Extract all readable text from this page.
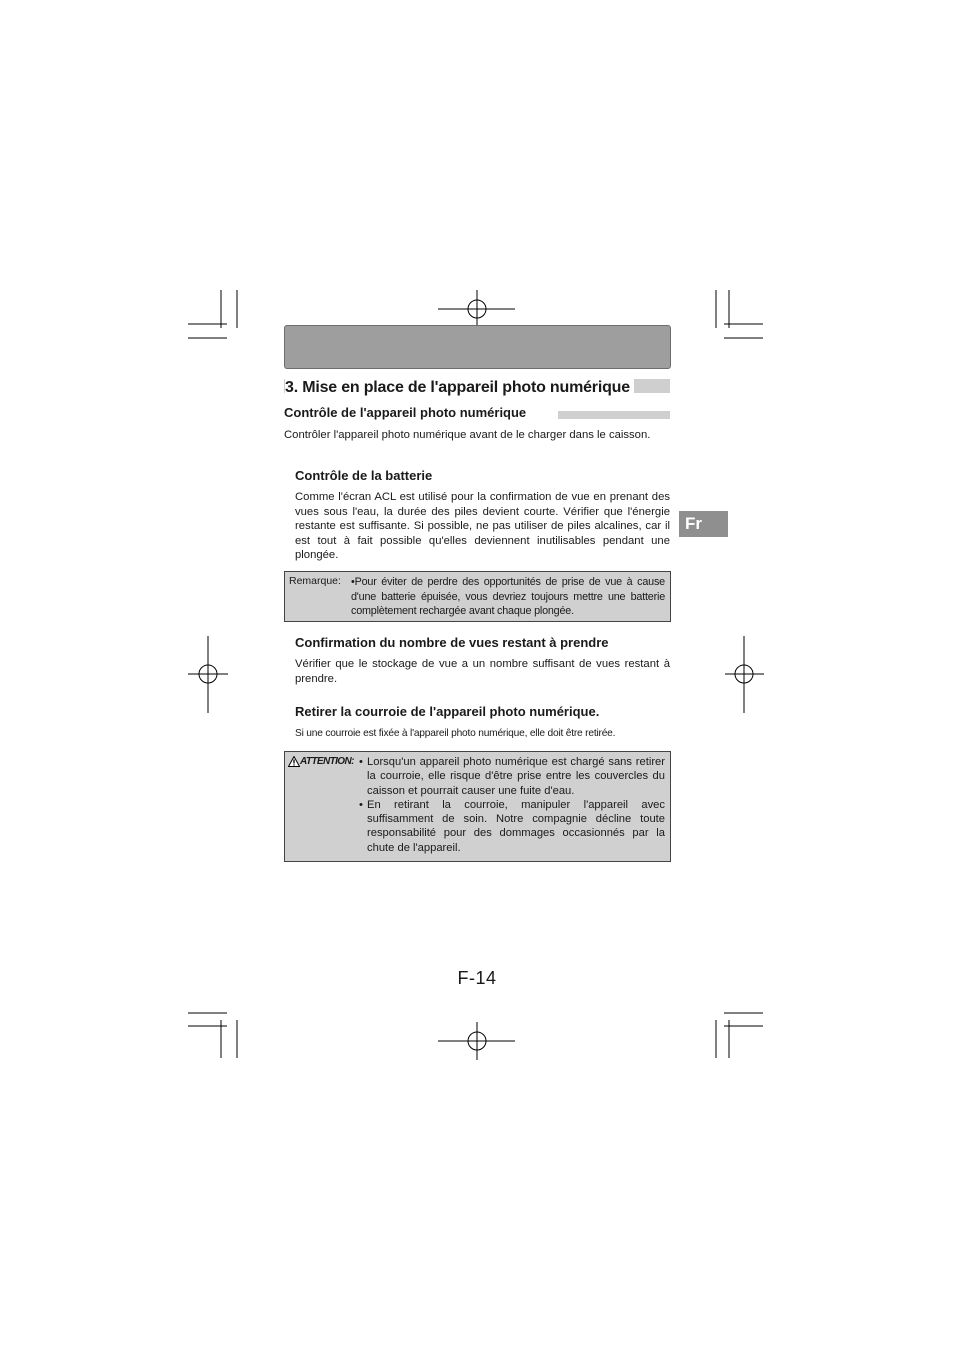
3. Mise en place de l'appareil photo numérique
Contrôle de l'appareil photo numérique

Contrôler l'appareil photo numérique avant de le charger dans le caisson.

Contrôle de la batterie

Comme l'écran ACL est utilisé pour la confirmation de vue en prenant des vues sous l'eau, la durée des piles devient courte. Vérifier que l'énergie restante est suffisante. Si possible, ne pas utiliser de piles alcalines, car il est tout à fait possible qu'elles deviennent inutilisables pendant une plongée.

Remarque: •Pour éviter de perdre des opportunités de prise de vue à cause d'une batterie épuisée, vous devriez toujours mettre une batterie complètement rechargée avant chaque plongée.

Confirmation du nombre de vues restant à prendre

Vérifier que le stockage de vue a un nombre suffisant de vues restant à prendre.

Retirer la courroie de l'appareil photo numérique.

Si une courroie est fixée à l'appareil photo numérique, elle doit être retirée.

ATTENTION: • Lorsqu'un appareil photo numérique est chargé sans retirer la courroie, elle risque d'être prise entre les couvercles du caisson et pourrait causer une fuite d'eau.

• En retirant la courroie, manipuler l'appareil avec suffisamment de soin. Notre compagnie décline toute responsabilité pour des dommages occasionnés par la chute de l'appareil.

Fr
F-14
